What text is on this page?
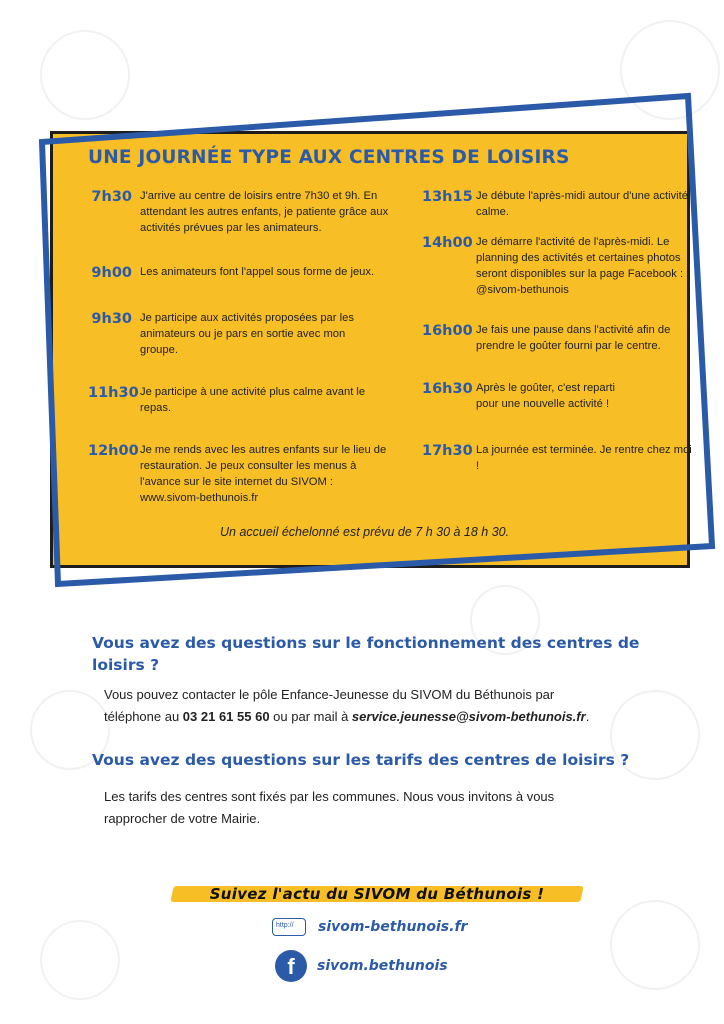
UNE JOURNÉE TYPE AUX CENTRES DE LOISIRS
7h30 J'arrive au centre de loisirs entre 7h30 et 9h. En attendant les autres enfants, je patiente grâce aux activités prévues par les animateurs.
9h00 Les animateurs font l'appel sous forme de jeux.
9h30 Je participe aux activités proposées par les animateurs ou je pars en sortie avec mon groupe.
11h30 Je participe à une activité plus calme avant le repas.
12h00 Je me rends avec les autres enfants sur le lieu de restauration. Je peux consulter les menus à l'avance sur le site internet du SIVOM : www.sivom-bethunois.fr
13h15 Je débute l'après-midi autour d'une activité calme.
14h00 Je démarre l'activité de l'après-midi. Le planning des activités et certaines photos seront disponibles sur la page Facebook : @sivom-bethunois
16h00 Je fais une pause dans l'activité afin de prendre le goûter fourni par le centre.
16h30 Après le goûter, c'est reparti pour une nouvelle activité !
17h30 La journée est terminée. Je rentre chez moi !
Un accueil échelonné est prévu de 7 h 30 à 18 h 30.
Vous avez des questions sur le fonctionnement des centres de loisirs ?
Vous pouvez contacter le pôle Enfance-Jeunesse du SIVOM du Béthunois par
téléphone au 03 21 61 55 60 ou par mail à service.jeunesse@sivom-bethunois.fr.
Vous avez des questions sur les tarifs des centres de loisirs ?
Les tarifs des centres sont fixés par les communes. Nous vous invitons à vous
rapprocher de votre Mairie.
Suivez l'actu du SIVOM du Béthunois !
http://	sivom-bethunois.fr
f	sivom.bethunois
